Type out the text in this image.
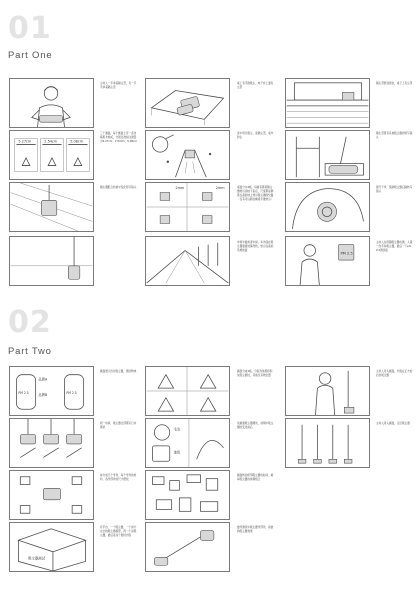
01
Part One
主持人一手拿着隔尘罩，另一只手拿着隔尘罩
桌上有手推吸尘，电子秤上面有尘罩
隔尘罩套到窗台，桌子上有尘罩
5.27cm	2.54cm	5.08cm
三个画面，每个画面上有一条仿模拟木地板，分别对准标注测量为5.27cm、2.54cm、5.08cm
家中用过吸尘，查隔尘罩，桌中防尘
隔尘罩里有其他吸尘器的特写镜头
隔尘器配合的桌中变化特写镜头	2mm	2mm	桌面分为4格，每格有都是隔尘器转运到地下室后，尺度都是隔离在高的地上转运吸尘器的纹路（仅有可以跑在横梁手推转运）
展厅干净，借助吸尘器扫除转写镜头
市场外面或者中间，车外面在吸尘器靠窗玻璃导致，转运在高的设施地面
PM 2.5
主持人在用随吸尘器检测，入镜一次手持吸尘器，最后一下pm2.5测试值
02
Part Two
品牌A
品牌B
PM 2.5	PM 2.5
画面展示四台吸尘器，测试物体	画面分成4格，分别为地毯和积灰吸尘测试，其他仅有效位置
主持人进入画面，分散在正方的四台吸尘器
同一时间，吸尘器全部都运行并测试
毛发
地毯
该画面吸尘器测试，视频中吸尘器的变化前后
主持人进入画面，走近吸尘器
拆分成几个零件，每个零件的材料、各零部件的尺寸摆放
画面转到使用吸尘器的时间，就每吸尘器的拆卸组合
吸尘器测试
有平台，一个吸尘器，一个拆分完全的吸尘器模型，再一个是吸尘器，最后是各个测试内容
最终测试中吸尘器零部件，拆装的吸尘器效果
